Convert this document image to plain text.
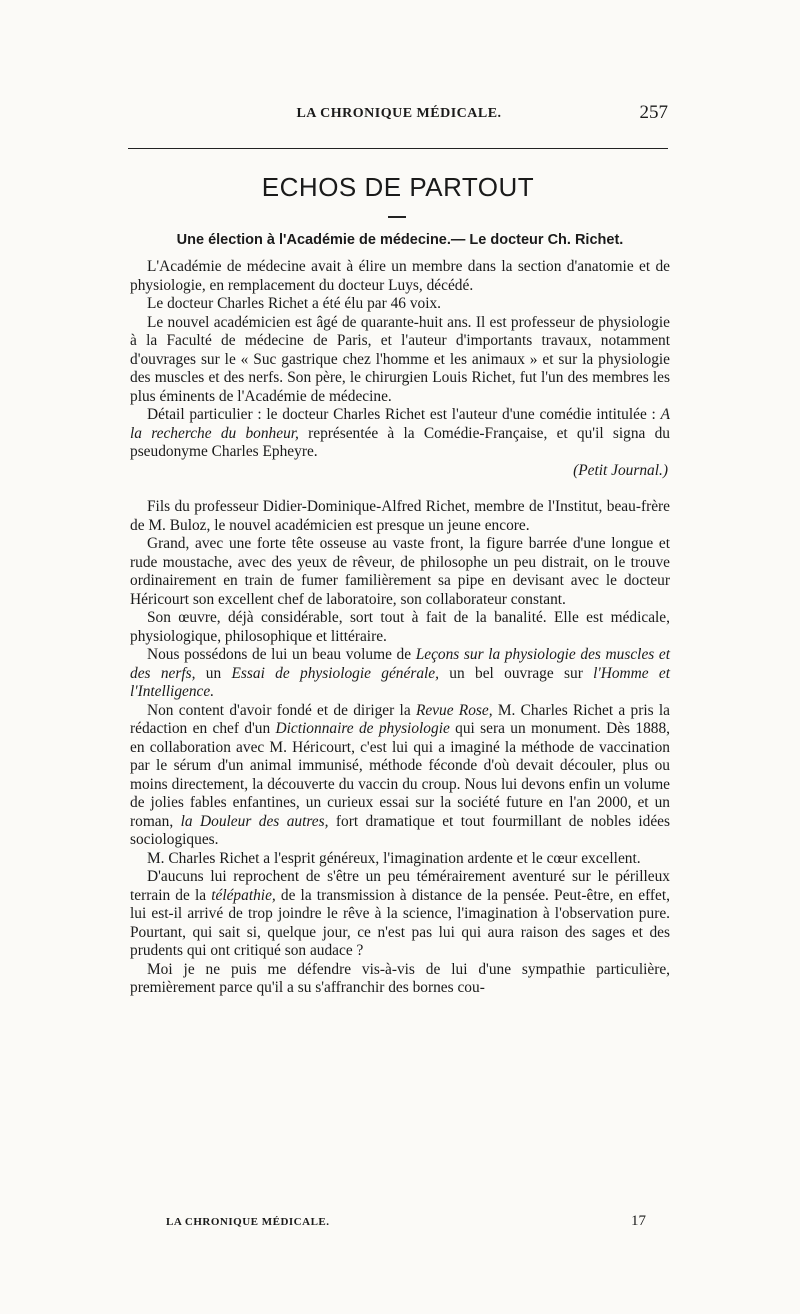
LA CHRONIQUE MÉDICALE.	257
ECHOS DE PARTOUT
Une élection à l'Académie de médecine.— Le docteur Ch. Richet.

L'Académie de médecine avait à élire un membre dans la section d'anatomie et de physiologie, en remplacement du docteur Luys, décédé.

Le docteur Charles Richet a été élu par 46 voix.

Le nouvel académicien est âgé de quarante-huit ans. Il est professeur de physiologie à la Faculté de médecine de Paris, et l'auteur d'importants travaux, notamment d'ouvrages sur le « Suc gastrique chez l'homme et les animaux » et sur la physiologie des muscles et des nerfs. Son père, le chirurgien Louis Richet, fut l'un des membres les plus éminents de l'Académie de médecine.

Détail particulier : le docteur Charles Richet est l'auteur d'une comédie intitulée : A la recherche du bonheur, représentée à la Comédie-Française, et qu'il signa du pseudonyme Charles Epheyre.

(Petit Journal.)

Fils du professeur Didier-Dominique-Alfred Richet, membre de l'Institut, beau-frère de M. Buloz, le nouvel académicien est presque un jeune encore.

Grand, avec une forte tête osseuse au vaste front, la figure barrée d'une longue et rude moustache, avec des yeux de rêveur, de philosophe un peu distrait, on le trouve ordinairement en train de fumer familièrement sa pipe en devisant avec le docteur Héricourt son excellent chef de laboratoire, son collaborateur constant.

Son œuvre, déjà considérable, sort tout à fait de la banalité. Elle est médicale, physiologique, philosophique et littéraire.

Nous possédons de lui un beau volume de Leçons sur la physiologie des muscles et des nerfs, un Essai de physiologie générale, un bel ouvrage sur l'Homme et l'Intelligence.

Non content d'avoir fondé et de diriger la Revue Rose, M. Charles Richet a pris la rédaction en chef d'un Dictionnaire de physiologie qui sera un monument. Dès 1888, en collaboration avec M. Héricourt, c'est lui qui a imaginé la méthode de vaccination par le sérum d'un animal immunisé, méthode féconde d'où devait découler, plus ou moins directement, la découverte du vaccin du croup. Nous lui devons enfin un volume de jolies fables enfantines, un curieux essai sur la société future en l'an 2000, et un roman, la Douleur des autres, fort dramatique et tout fourmillant de nobles idées sociologiques.

M. Charles Richet a l'esprit généreux, l'imagination ardente et le cœur excellent.

D'aucuns lui reprochent de s'être un peu témérairement aventuré sur le périlleux terrain de la télépathie, de la transmission à distance de la pensée. Peut-être, en effet, lui est-il arrivé de trop joindre le rêve à la science, l'imagination à l'observation pure. Pourtant, qui sait si, quelque jour, ce n'est pas lui qui aura raison des sages et des prudents qui ont critiqué son audace ?

Moi je ne puis me défendre vis-à-vis de lui d'une sympathie particulière, premièrement parce qu'il a su s'affranchir des bornes cou-

LA CHRONIQUE MÉDICALE.	17
